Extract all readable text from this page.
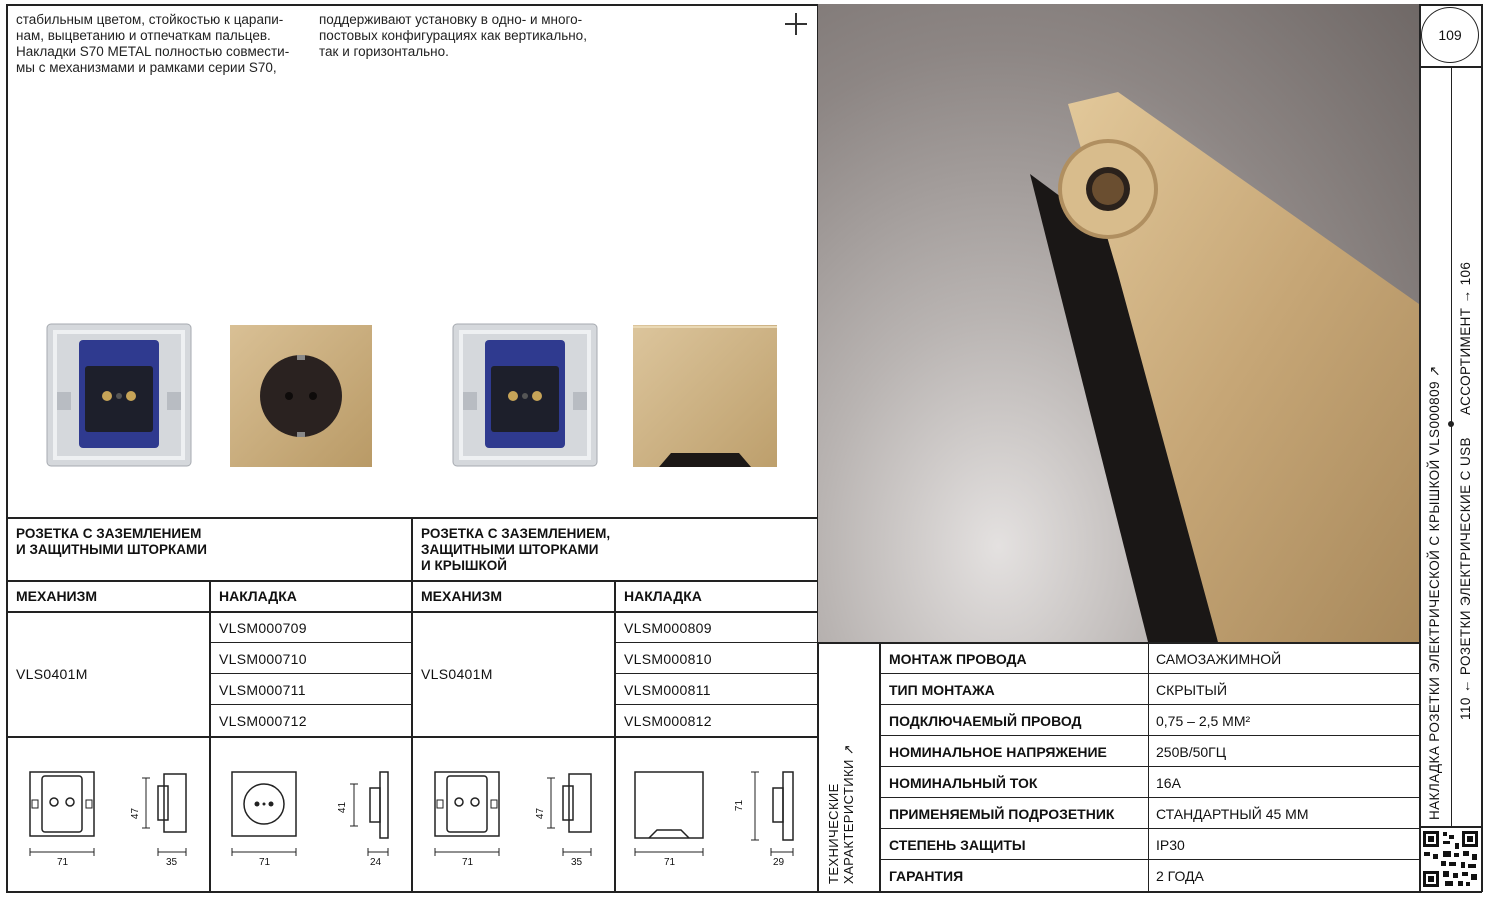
стабильным цветом, стойкостью к царапи-
нам, выцветанию и отпечаткам пальцев.
Накладки S70 METAL полностью совмести-
мы с механизмами и рамками серии S70,
поддерживают установку в одно- и много-
постовых конфигурациях как вертикально,
так и горизонтально.
РОЗЕТКА С ЗАЗЕМЛЕНИЕМ
И ЗАЩИТНЫМИ ШТОРКАМИ
МЕХАНИЗМ	НАКЛАДКА
VLS0401M
VLSM000709
VLSM000710
VLSM000711
VLSM000712
РОЗЕТКА С ЗАЗЕМЛЕНИЕМ,
ЗАЩИТНЫМИ ШТОРКАМИ
И КРЫШКОЙ
МЕХАНИЗМ	НАКЛАДКА
VLS0401M
VLSM000809
VLSM000810
VLSM000811
VLSM000812
71
47
35	71
41
24	71
47
35	71
71
29	ТЕХНИЧЕСКИЕ ХАРАКТЕРИСТИКИ ↗
МОНТАЖ ПРОВОДА	САМОЗАЖИМНОЙ
ТИП МОНТАЖА	СКРЫТЫЙ
ПОДКЛЮЧАЕМЫЙ ПРОВОД	0,75 – 2,5 ММ²
НОМИНАЛЬНОЕ НАПРЯЖЕНИЕ	250В/50ГЦ
НОМИНАЛЬНЫЙ ТОК	16А
ПРИМЕНЯЕМЫЙ ПОДРОЗЕТНИК	СТАНДАРТНЫЙ 45 ММ
СТЕПЕНЬ ЗАЩИТЫ	IP30
ГАРАНТИЯ	2 ГОДА
109
НАКЛАДКА РОЗЕТКИ ЭЛЕКТРИЧЕСКОЙ С КРЫШКОЙ VLS000809 ↗ 110 ← РОЗЕТКИ ЭЛЕКТРИЧЕСКИЕ С USB
АССОРТИМЕНТ → 106
